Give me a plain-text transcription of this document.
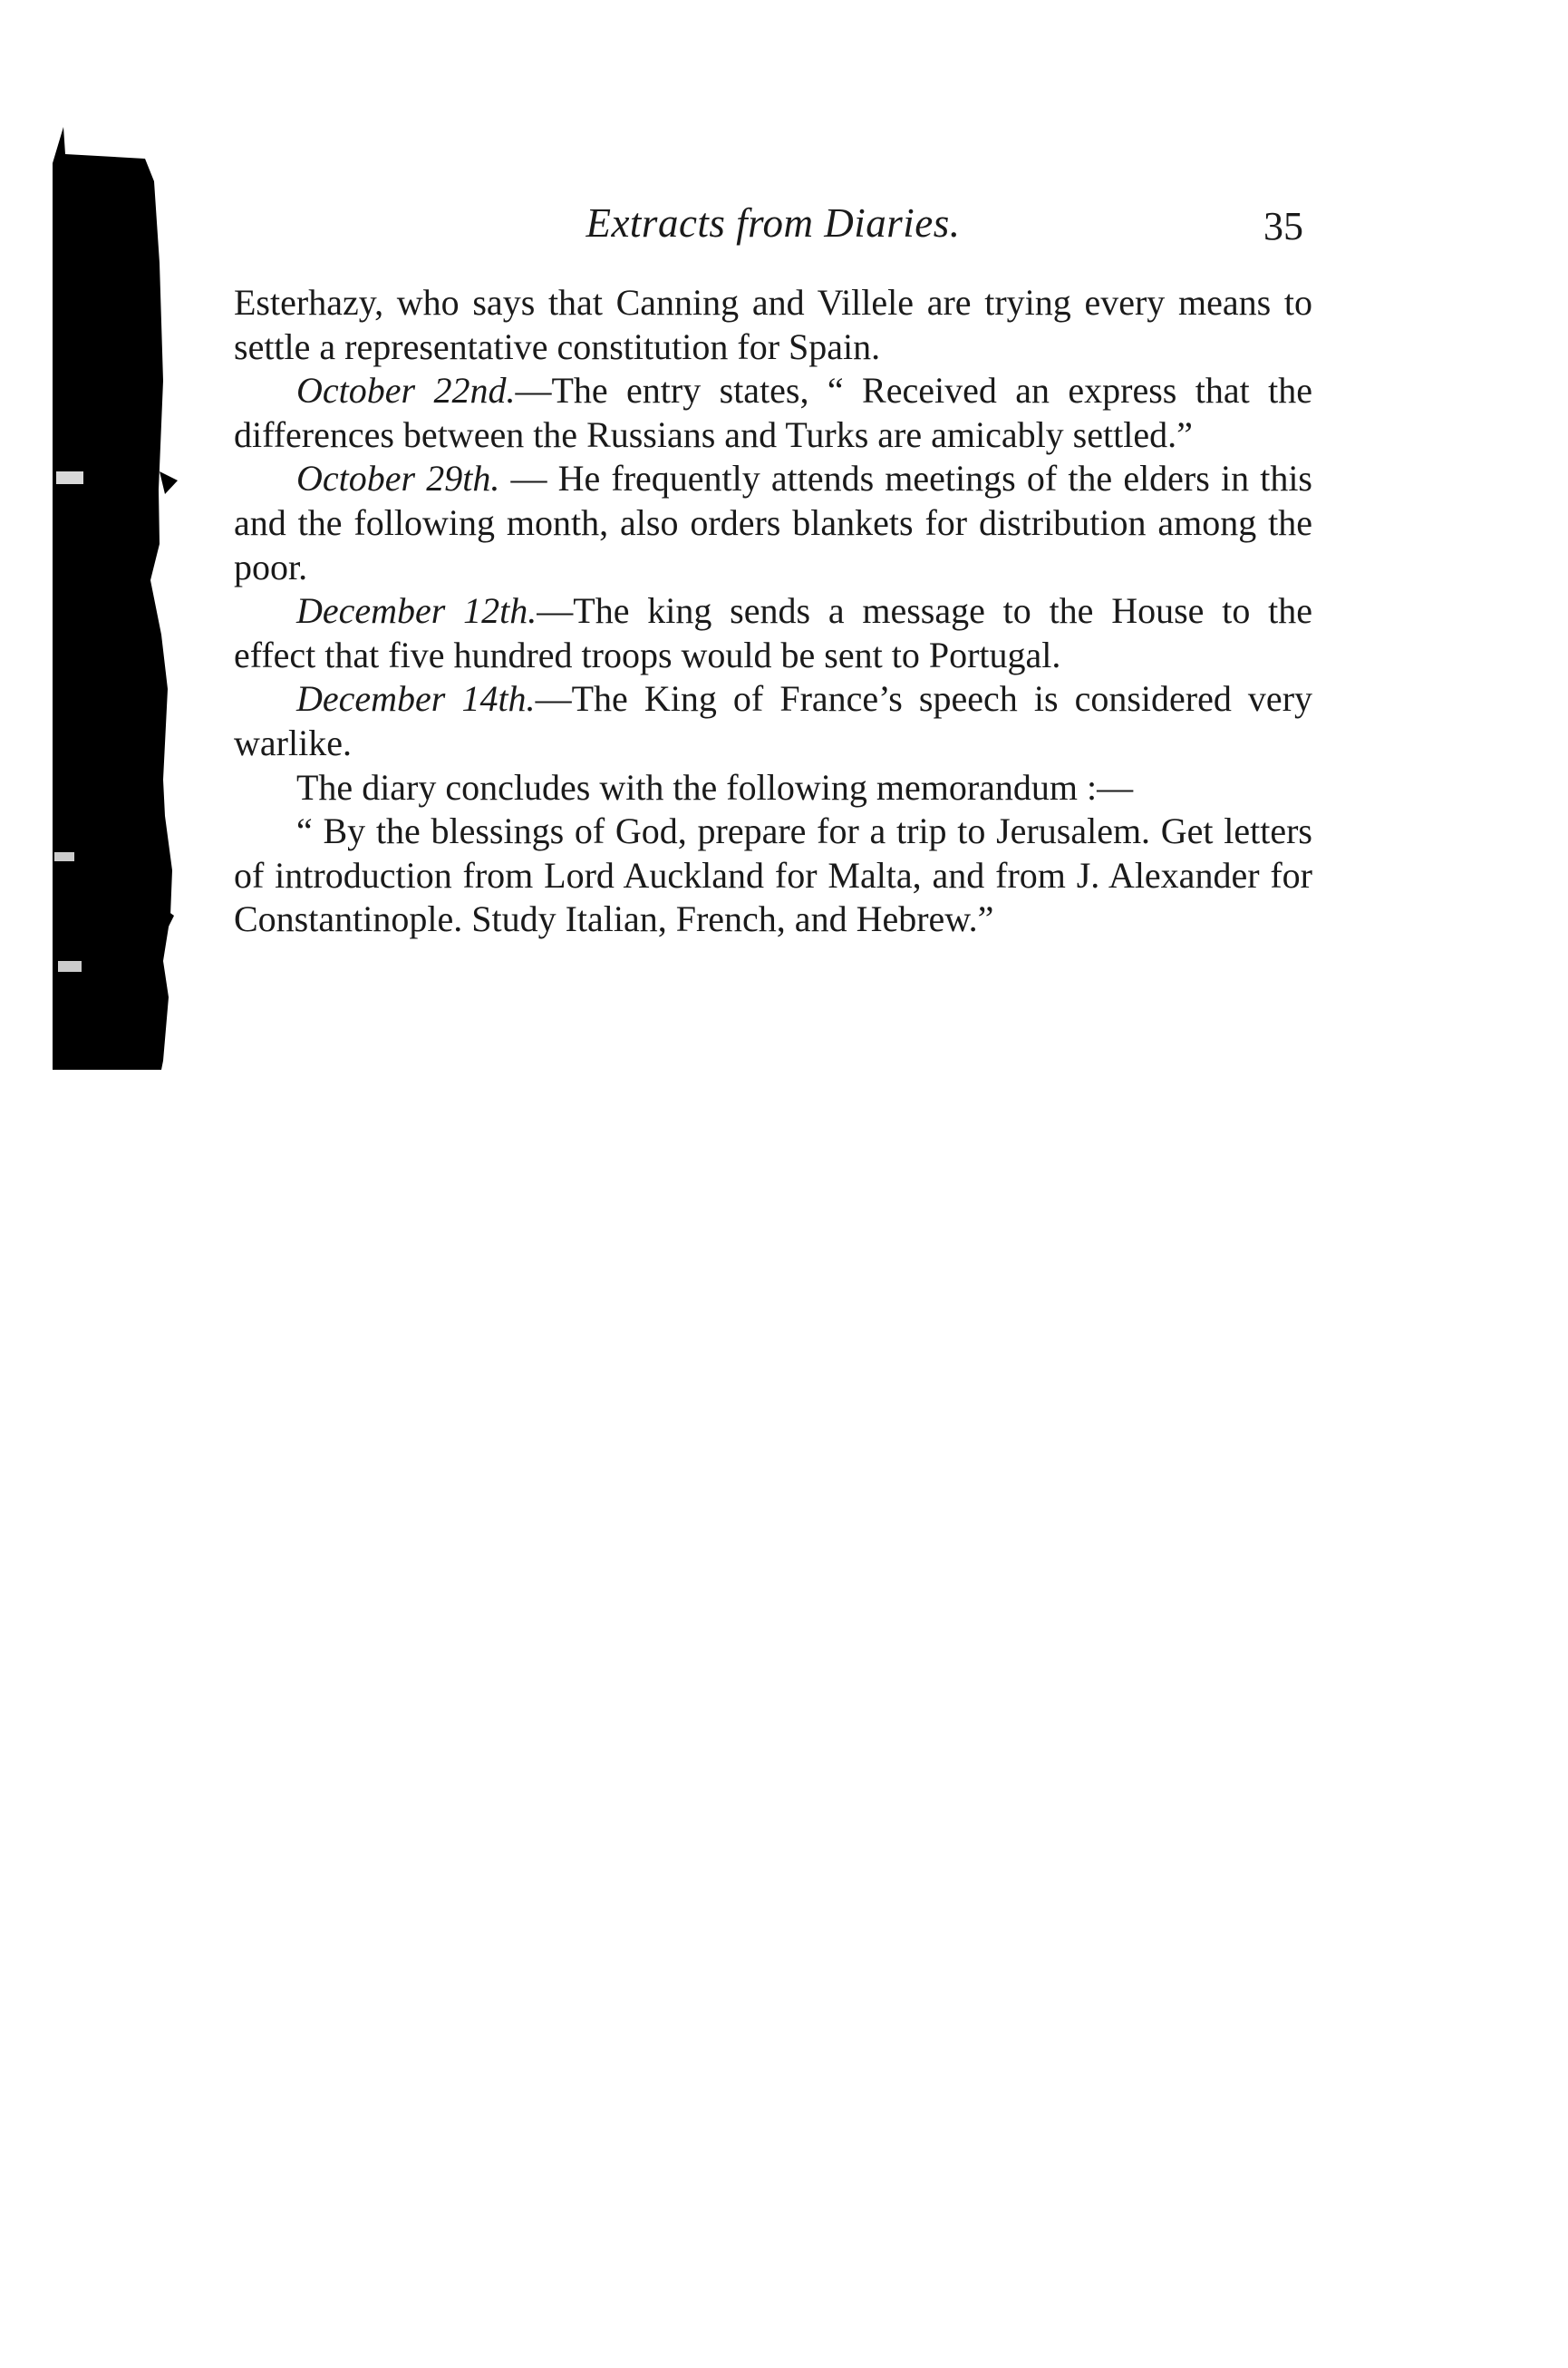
Extracts from Diaries.	35

Esterhazy, who says that Canning and Villele are trying every means to settle a representative constitution for Spain.

October 22nd.—The entry states, “ Received an express that the differences between the Russians and Turks are amicably settled.”

October 29th. — He frequently attends meetings of the elders in this and the following month, also orders blankets for distribution among the poor.

December 12th.—The king sends a message to the House to the effect that five hundred troops would be sent to Portugal.

December 14th.—The King of France’s speech is considered very warlike.

The diary concludes with the following memorandum :—

“ By the blessings of God, prepare for a trip to Jerusalem. Get letters of introduction from Lord Auckland for Malta, and from J. Alexander for Constantinople. Study Italian, French, and Hebrew.”
